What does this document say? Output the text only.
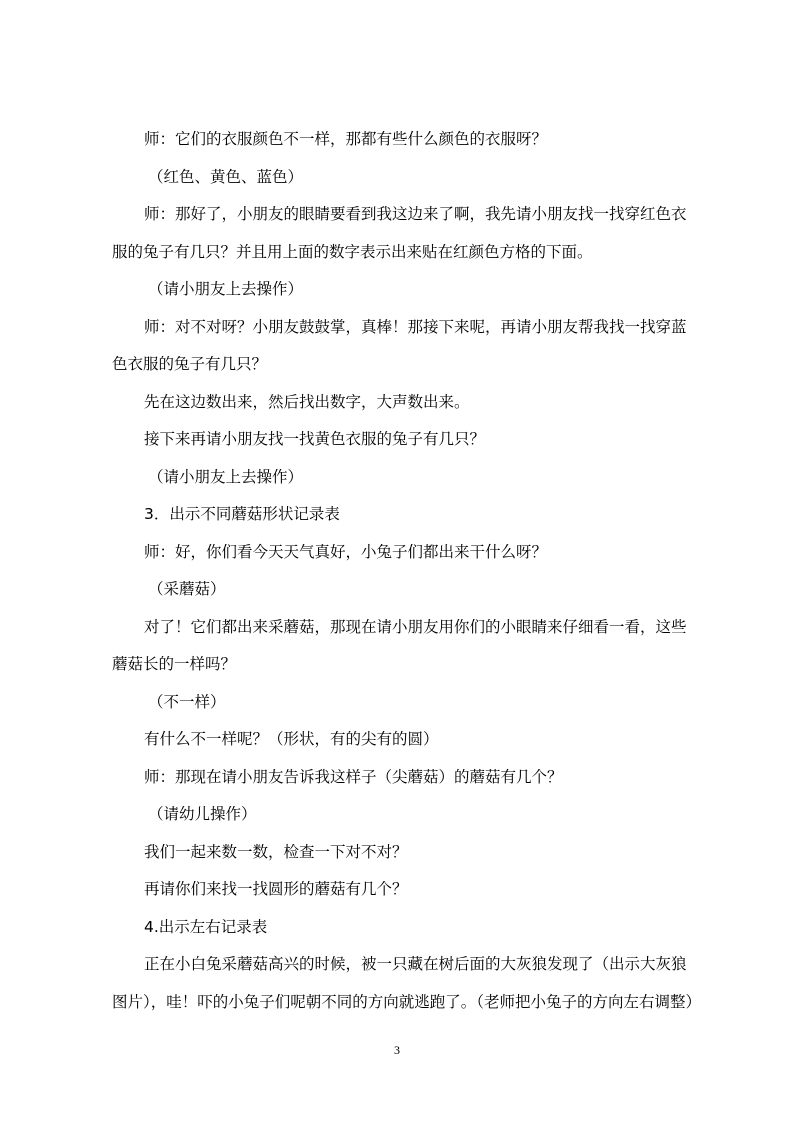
师：它们的衣服颜色不一样，那都有些什么颜色的衣服呀？
（红色、黄色、蓝色）
师：那好了，小朋友的眼睛要看到我这边来了啊，我先请小朋友找一找穿红色衣
服的兔子有几只？并且用上面的数字表示出来贴在红颜色方格的下面。
（请小朋友上去操作）
师：对不对呀？小朋友鼓鼓掌，真棒！那接下来呢，再请小朋友帮我找一找穿蓝
色衣服的兔子有几只？
先在这边数出来，然后找出数字，大声数出来。
接下来再请小朋友找一找黄色衣服的兔子有几只？
（请小朋友上去操作）
3．出示不同蘑菇形状记录表
师：好，你们看今天天气真好，小兔子们都出来干什么呀？
（采蘑菇）
对了！它们都出来采蘑菇，那现在请小朋友用你们的小眼睛来仔细看一看，这些
蘑菇长的一样吗？
（不一样）
有什么不一样呢？（形状，有的尖有的圆）
师：那现在请小朋友告诉我这样子（尖蘑菇）的蘑菇有几个？
（请幼儿操作）
我们一起来数一数，检查一下对不对？
再请你们来找一找圆形的蘑菇有几个？
4.出示左右记录表
正在小白兔采蘑菇高兴的时候，被一只藏在树后面的大灰狼发现了（出示大灰狼
图片），哇！吓的小兔子们呢朝不同的方向就逃跑了。（老师把小兔子的方向左右调整）
3
